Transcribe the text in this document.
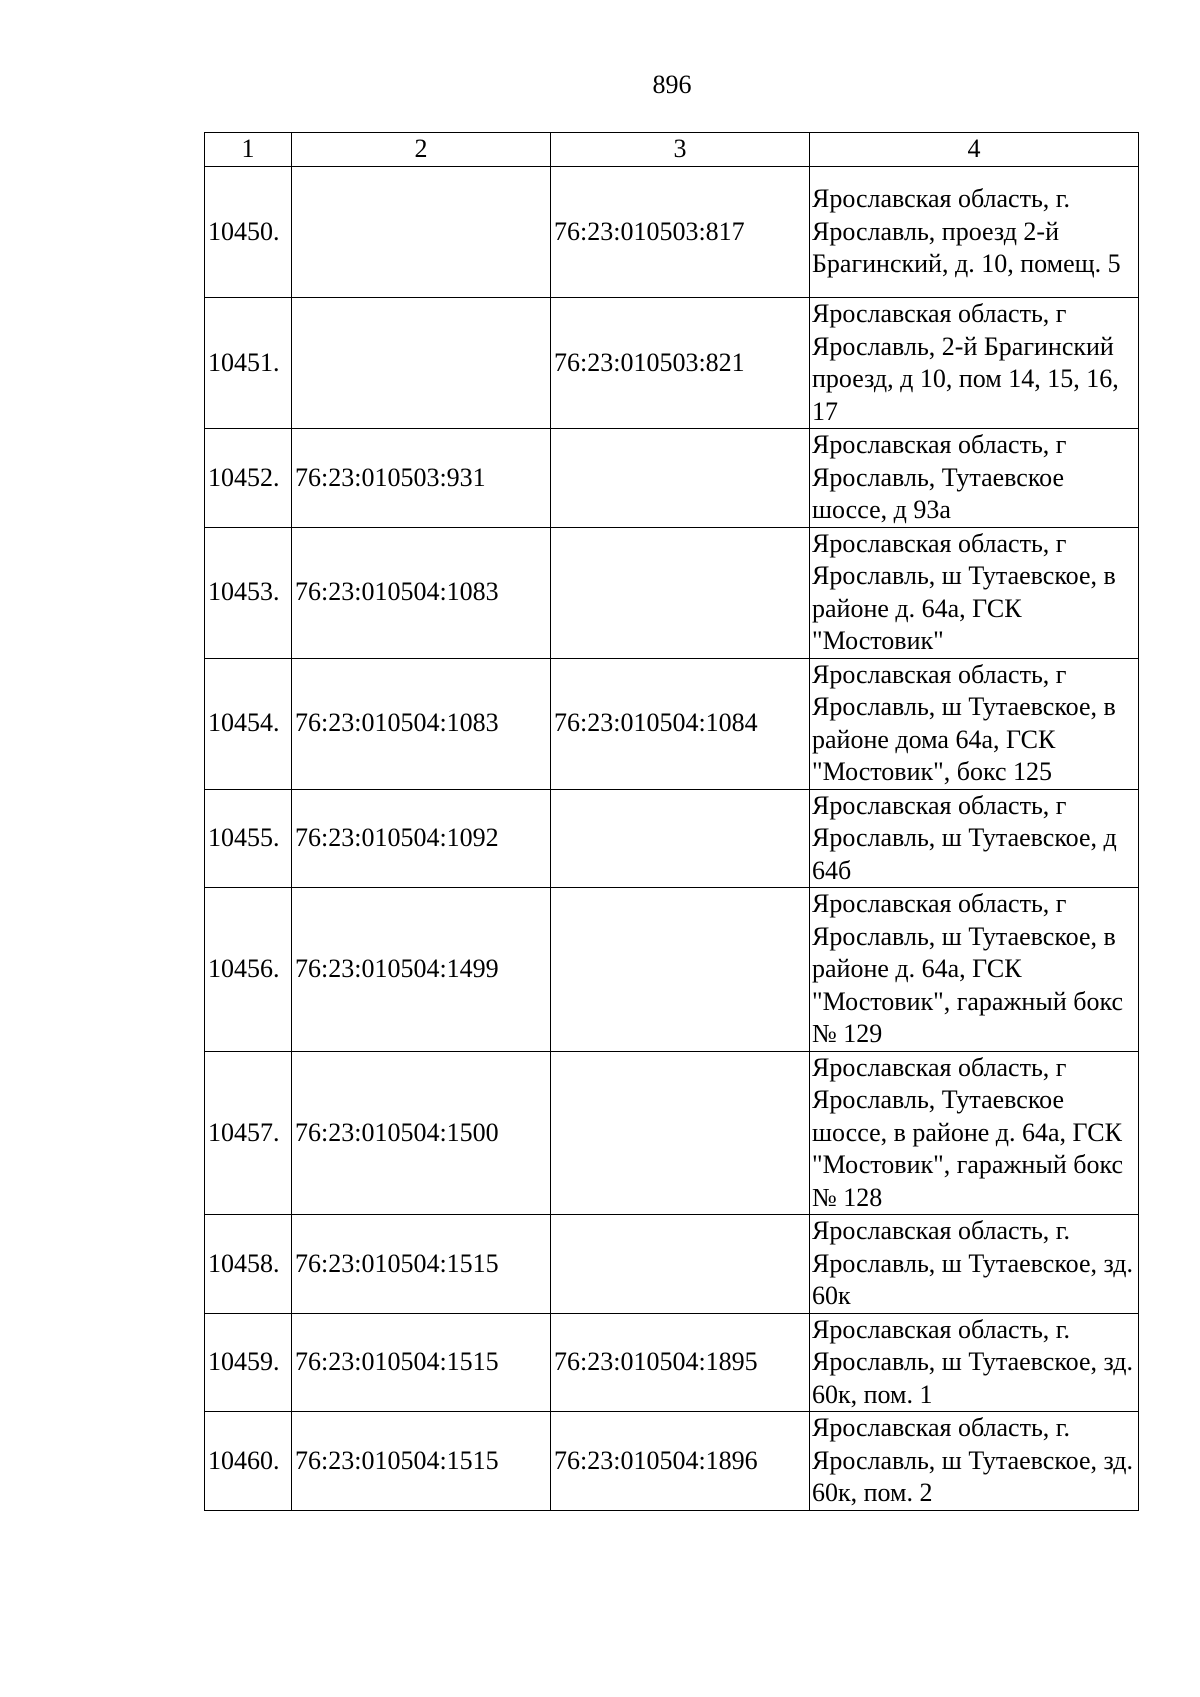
896
1	2	3	4
10450.		76:23:010503:817	Ярославская область, г. Ярославль, проезд 2-й Брагинский, д. 10, помещ. 5
10451.		76:23:010503:821	Ярославская область, г Ярославль, 2-й Брагинский проезд, д 10, пом 14, 15, 16, 17
10452.	76:23:010503:931		Ярославская область, г Ярославль, Тутаевское шоссе, д 93а
10453.	76:23:010504:1083		Ярославская область, г Ярославль, ш Тутаевское, в районе д. 64а, ГСК "Мостовик"
10454.	76:23:010504:1083	76:23:010504:1084	Ярославская область, г Ярославль, ш Тутаевское, в районе дома 64а, ГСК "Мостовик", бокс 125
10455.	76:23:010504:1092		Ярославская область, г Ярославль, ш Тутаевское, д 64б
10456.	76:23:010504:1499		Ярославская область, г Ярославль, ш Тутаевское, в районе д. 64а, ГСК "Мостовик", гаражный бокс № 129
10457.	76:23:010504:1500		Ярославская область, г Ярославль, Тутаевское шоссе, в районе д. 64а, ГСК "Мостовик", гаражный бокс № 128
10458.	76:23:010504:1515		Ярославская область, г. Ярославль, ш Тутаевское, зд. 60к
10459.	76:23:010504:1515	76:23:010504:1895	Ярославская область, г. Ярославль, ш Тутаевское, зд. 60к, пом. 1
10460.	76:23:010504:1515	76:23:010504:1896	Ярославская область, г. Ярославль, ш Тутаевское, зд. 60к, пом. 2
